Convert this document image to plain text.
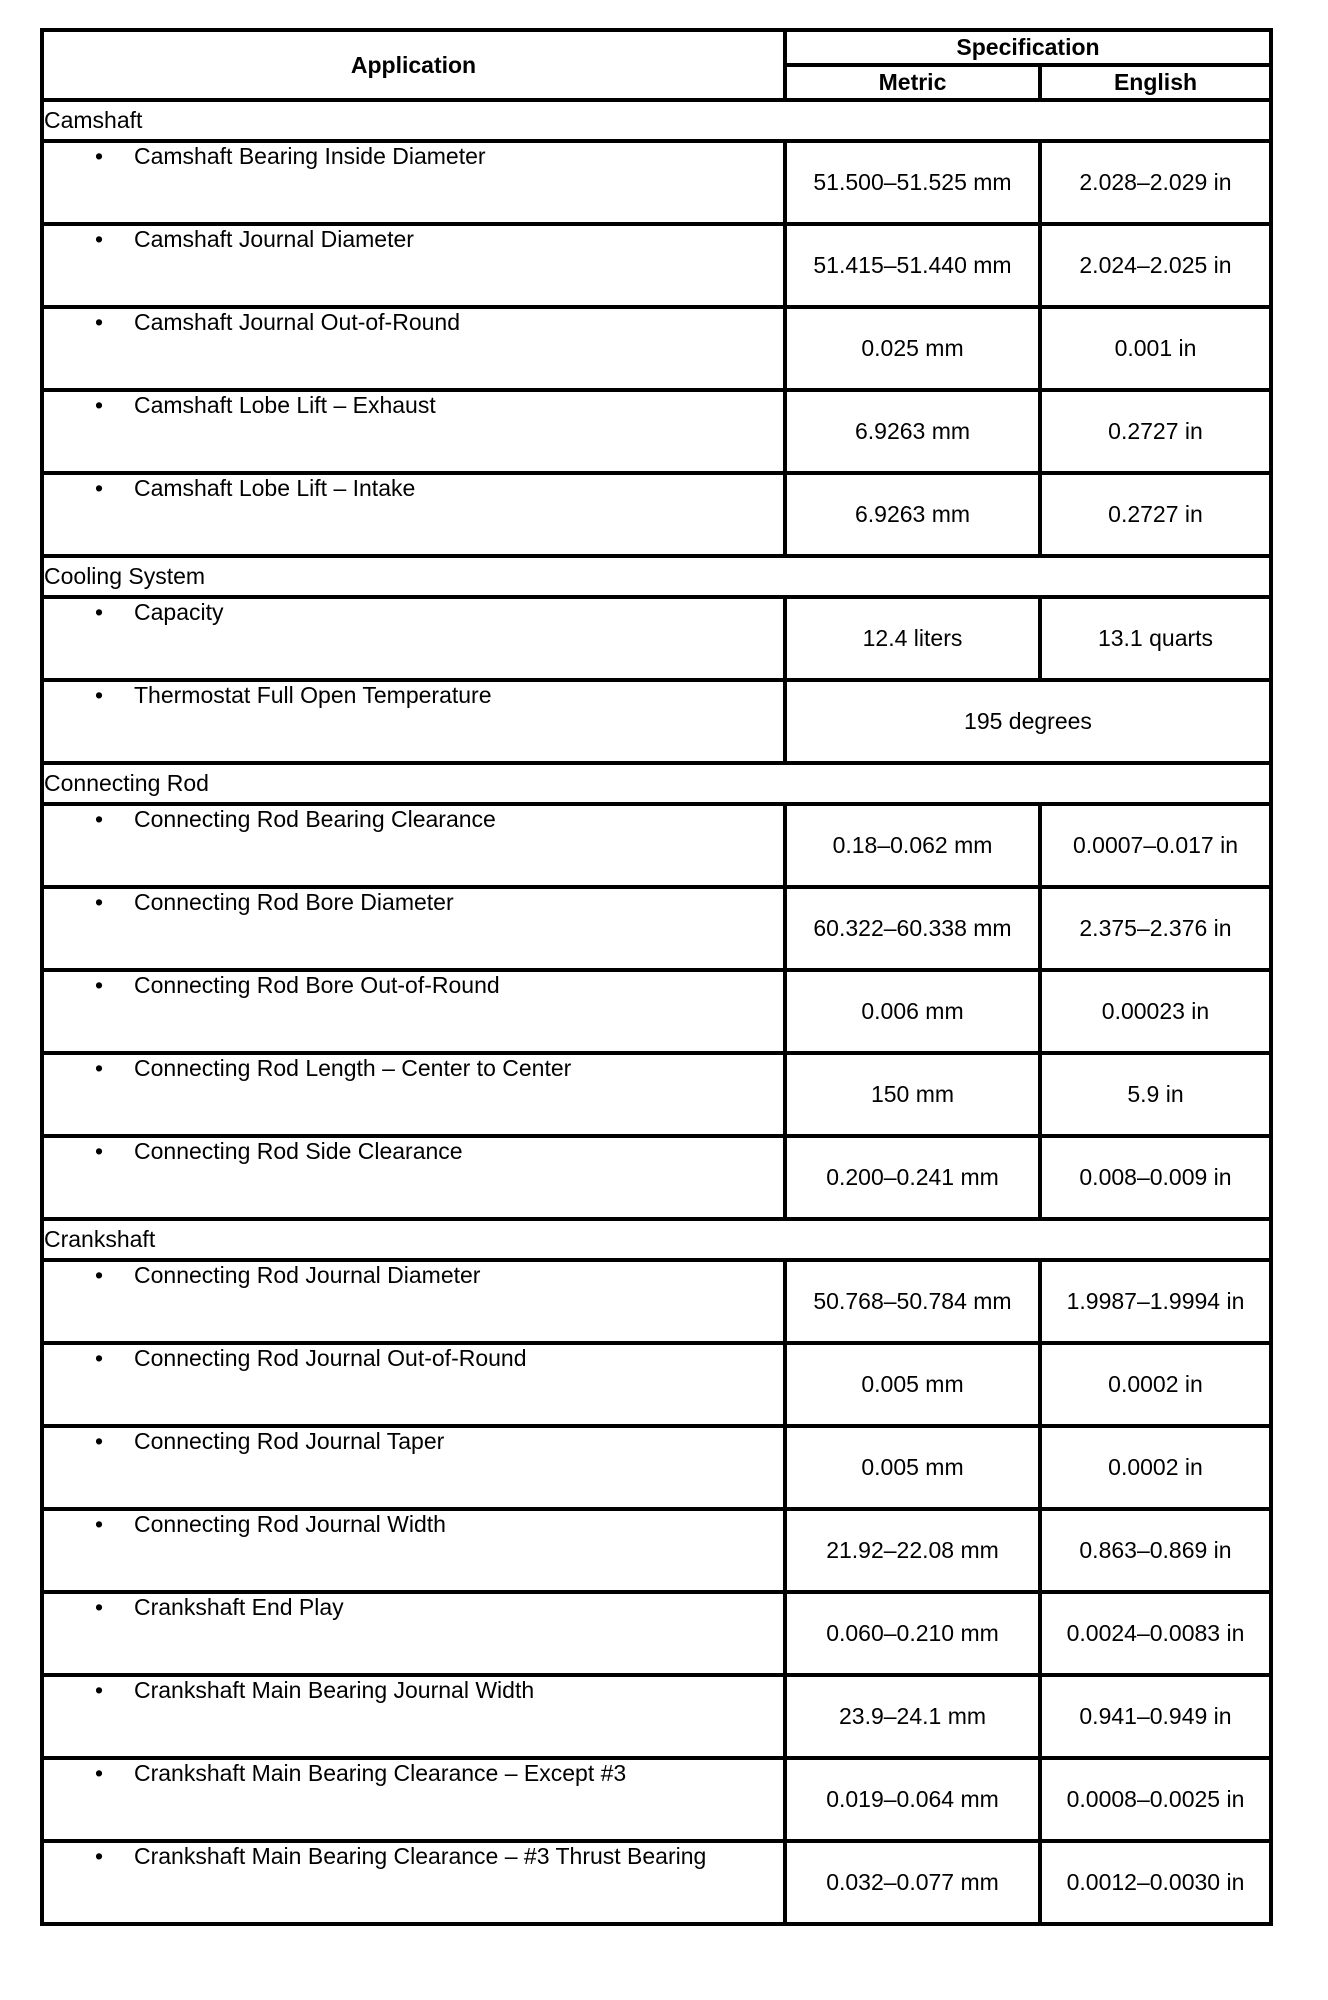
Application	Specification	
	Metric	English
Camshaft		
• Camshaft Bearing Inside Diameter	51.500–51.525 mm	2.028–2.029 in
• Camshaft Journal Diameter	51.415–51.440 mm	2.024–2.025 in
• Camshaft Journal Out-of-Round	0.025 mm	0.001 in
• Camshaft Lobe Lift – Exhaust	6.9263 mm	0.2727 in
• Camshaft Lobe Lift – Intake	6.9263 mm	0.2727 in
Cooling System		
• Capacity	12.4 liters	13.1 quarts
• Thermostat Full Open Temperature	195 degrees	
Connecting Rod		
• Connecting Rod Bearing Clearance	0.18–0.062 mm	0.0007–0.017 in
• Connecting Rod Bore Diameter	60.322–60.338 mm	2.375–2.376 in
• Connecting Rod Bore Out-of-Round	0.006 mm	0.00023 in
• Connecting Rod Length – Center to Center	150 mm	5.9 in
• Connecting Rod Side Clearance	0.200–0.241 mm	0.008–0.009 in
Crankshaft		
• Connecting Rod Journal Diameter	50.768–50.784 mm	1.9987–1.9994 in
• Connecting Rod Journal Out-of-Round	0.005 mm	0.0002 in
• Connecting Rod Journal Taper	0.005 mm	0.0002 in
• Connecting Rod Journal Width	21.92–22.08 mm	0.863–0.869 in
• Crankshaft End Play	0.060–0.210 mm	0.0024–0.0083 in
• Crankshaft Main Bearing Journal Width	23.9–24.1 mm	0.941–0.949 in
• Crankshaft Main Bearing Clearance – Except #3	0.019–0.064 mm	0.0008–0.0025 in
• Crankshaft Main Bearing Clearance – #3 Thrust Bearing	0.032–0.077 mm	0.0012–0.0030 in
